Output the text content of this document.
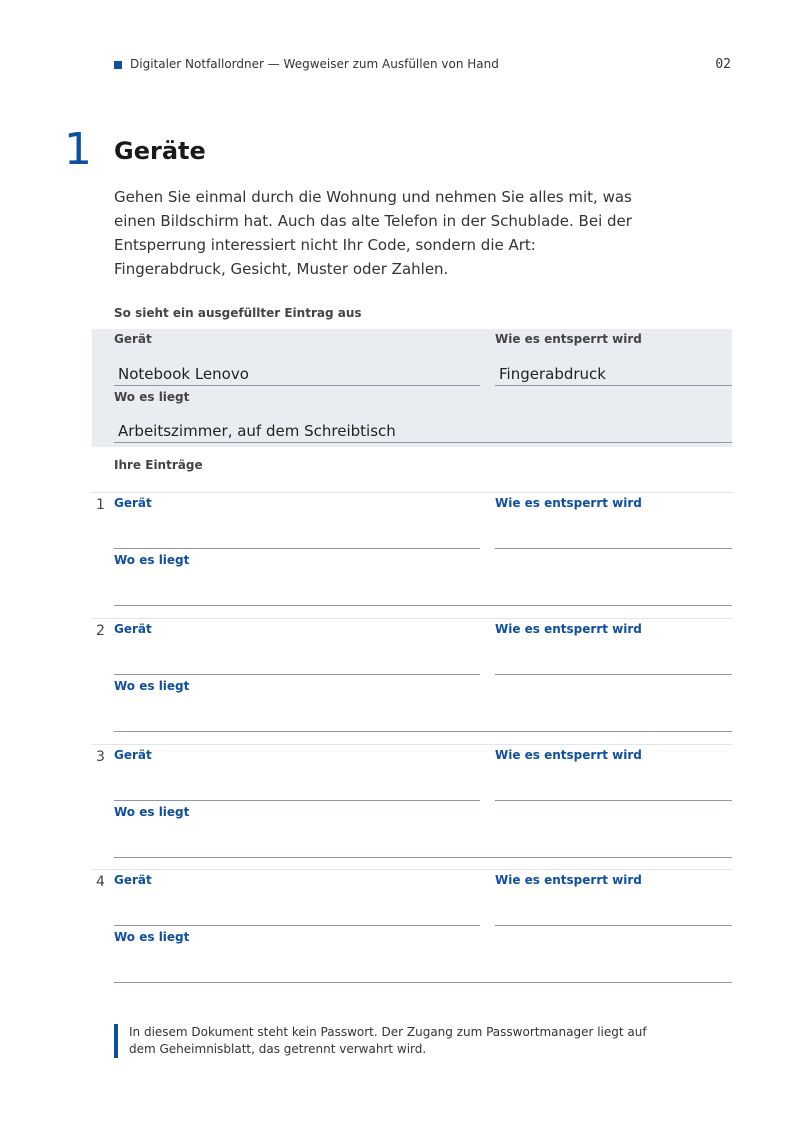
Digitaler Notfallordner — Wegweiser zum Ausfüllen von Hand	02
1 Geräte

Gehen Sie einmal durch die Wohnung und nehmen Sie alles mit, was einen Bildschirm hat. Auch das alte Telefon in der Schublade. Bei der Entsperrung interessiert nicht Ihr Code, sondern die Art: Fingerabdruck, Gesicht, Muster oder Zahlen.

So sieht ein ausgefüllter Eintrag aus
Gerät
Notebook Lenovo
Wie es entsperrt wird
Fingerabdruck
Wo es liegt
Arbeitszimmer, auf dem Schreibtisch
Ihre Einträge
1 Gerät	Wie es entsperrt wird
Wo es liegt
2 Gerät	Wie es entsperrt wird
Wo es liegt
3 Gerät	Wie es entsperrt wird
Wo es liegt
4 Gerät	Wie es entsperrt wird
Wo es liegt
In diesem Dokument steht kein Passwort. Der Zugang zum Passwortmanager liegt auf dem Geheimnisblatt, das getrennt verwahrt wird.
